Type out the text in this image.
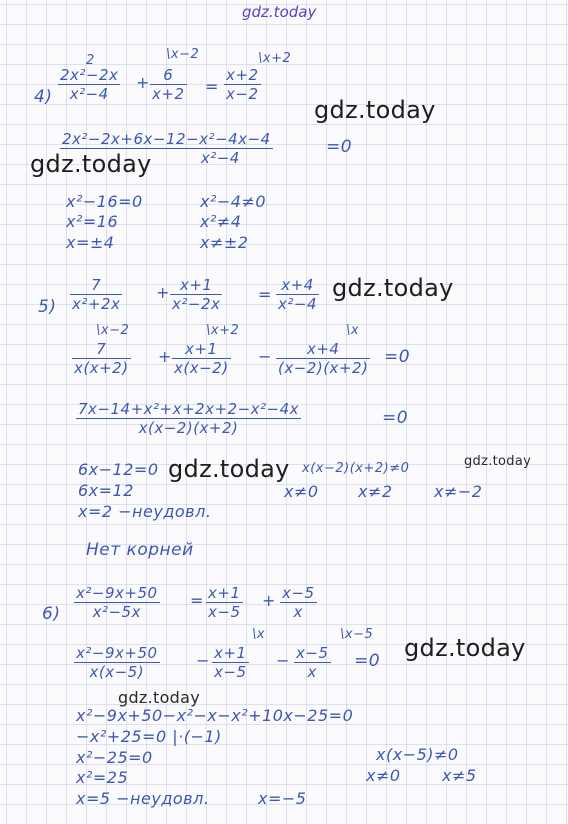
gdz.today
4)
2
$\frac{\text{2x²−2x}}{\text{x²−4}}$ +
\x−2
$\frac{6}{x+2}$ =
\x+2
$\frac{x+2}{x-2}$
gdz.today
$\frac{\text{2x²−2x+6x−12−x²−4x−4}}{\text{x²−4}}$	=0
gdz.today
x²−16=0
x²=16
x=±4
x²−4≠0
x²≠4
x≠±2
$5) \frac{7}{\text{x²+2x}} + \frac{x+1}{\text{x²−2x}} = \frac{x+4}{\text{x²−4}}$ gdz.today
\x−2
$\frac{7}{x(x+2)}$ +
\x+2
$\frac{x+1}{x(x-2)}$ −
\x
$\frac{x+4}{(x-2)(x+2)} =0$
$\frac{\text{7x−14+x²+x+2x+2−x²−4x}}{x(x-2)(x+2)}$	=0
6x−12=0
6x=12
x=2 −неудовл.
gdz.today x(x−2)(x+2)≠0	gdz.today
x≠0 x≠2	x≠−2
Нет корней
$6) \frac{\text{x²−9x+50}}{\text{x²−5x}} = \frac{x+1}{x-5} + \frac{x-5}{x}$
$\frac{\text{x²−9x+50}}{x(x-5)}$ −
\x
$\frac{x+1}{x-5}$ −
\x−5
$\frac{x-5}{x} =0$ gdz.today
gdz.today
x²−9x+50−x²−x−x²+10x−25=0
−x²+25=0 |·(−1)
x²−25=0
x²=25
x=5 −неудовл.	x=−5
x(x−5)≠0
x≠0	x≠5
